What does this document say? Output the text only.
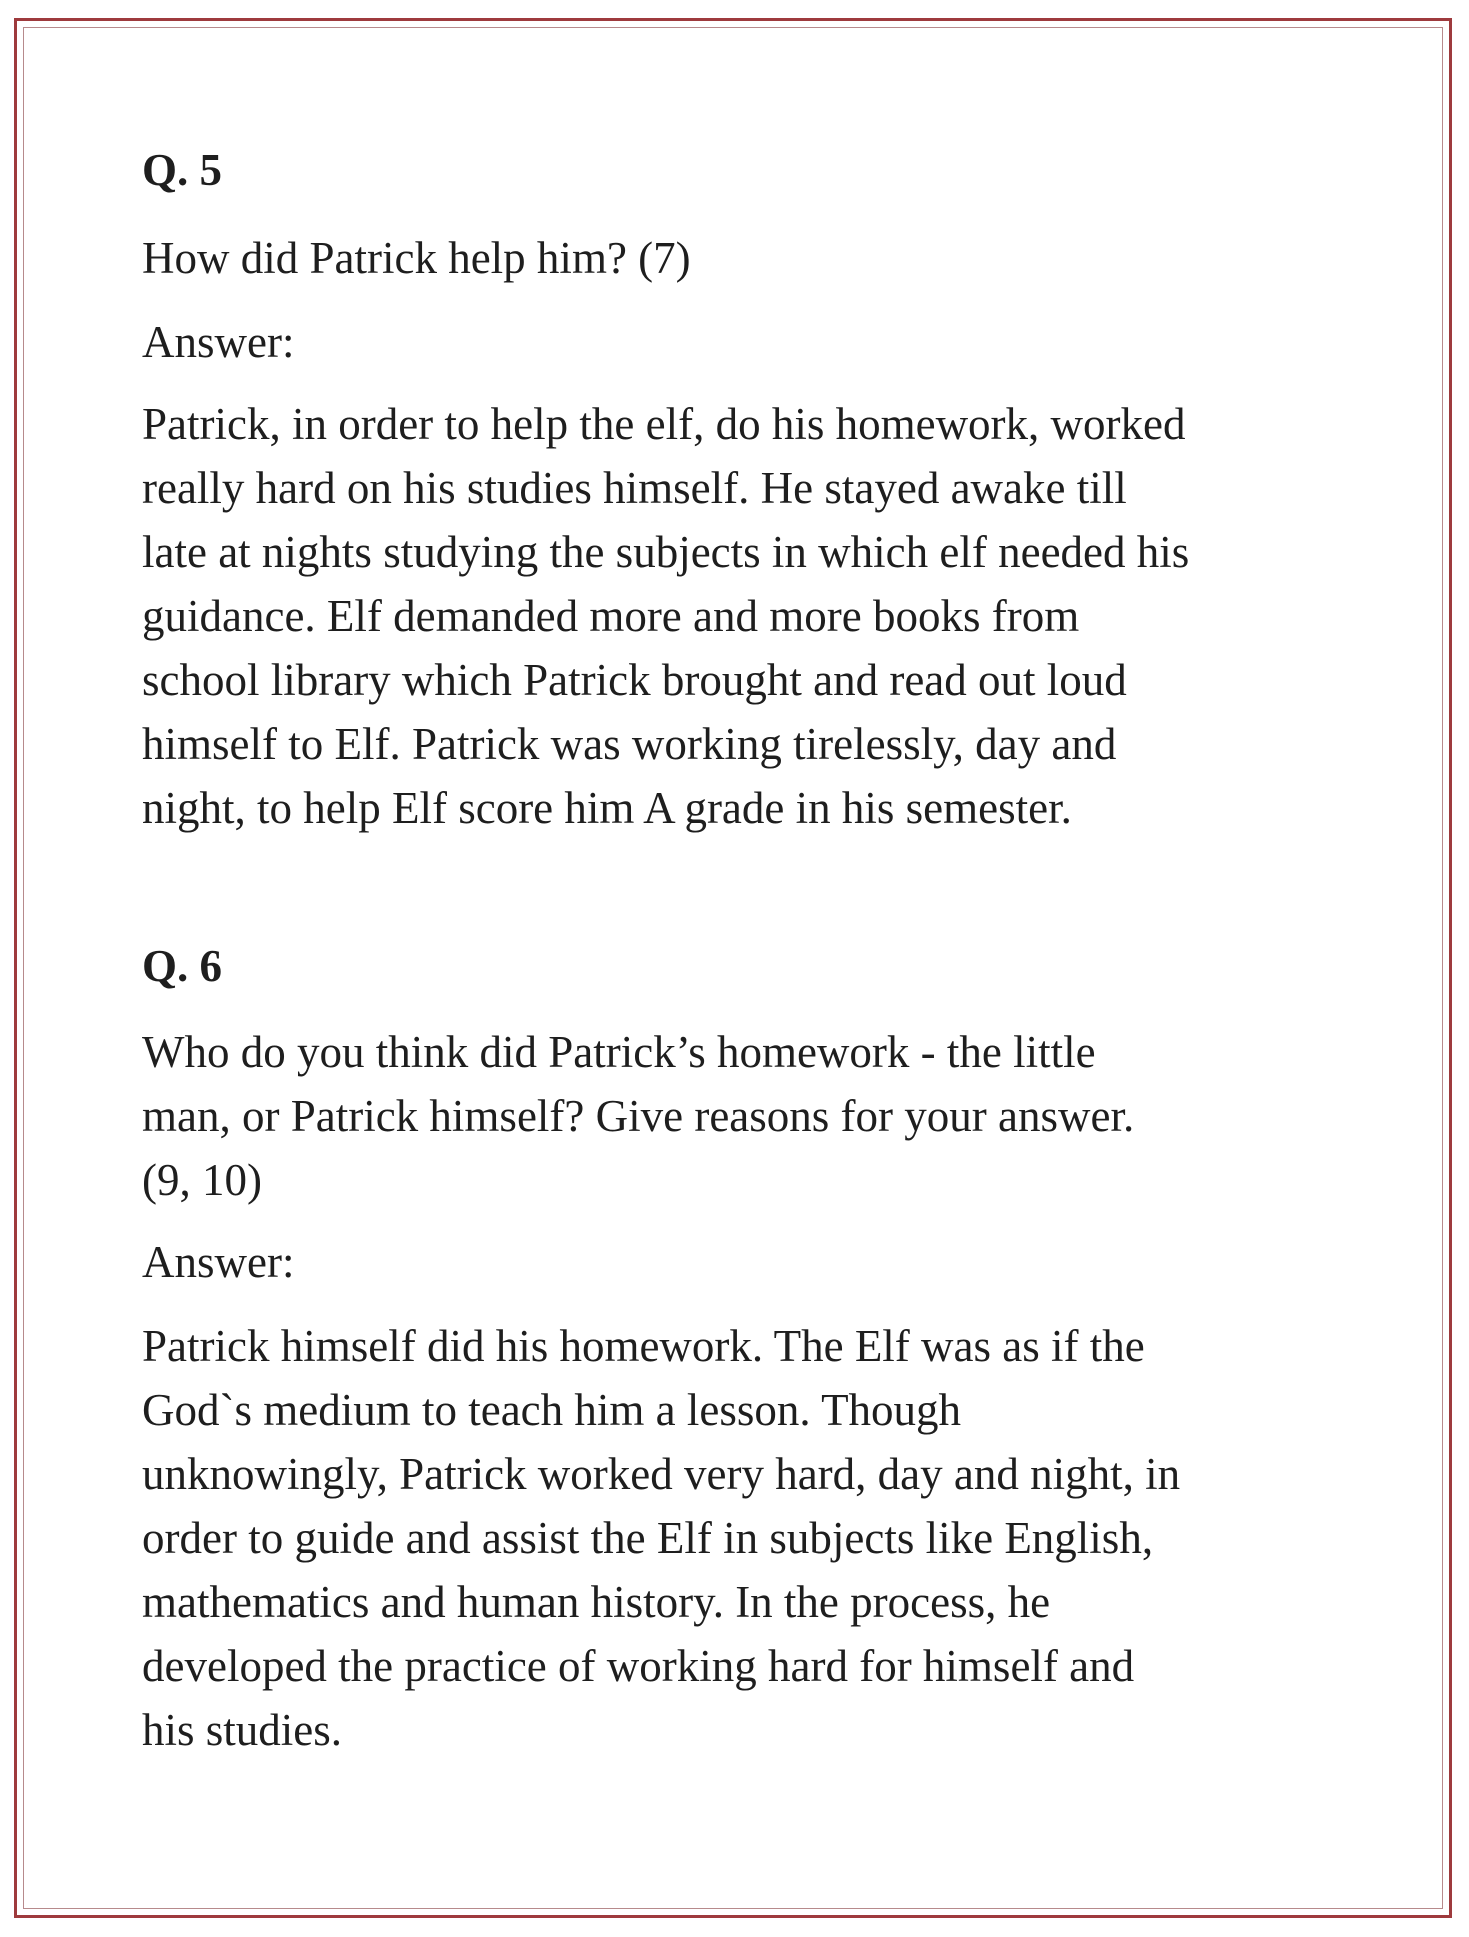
Q. 5

How did Patrick help him? (7)

Answer:

Patrick, in order to help the elf, do his homework, worked
really hard on his studies himself. He stayed awake till
late at nights studying the subjects in which elf needed his
guidance. Elf demanded more and more books from
school library which Patrick brought and read out loud
himself to Elf. Patrick was working tirelessly, day and
night, to help Elf score him A grade in his semester.

Q. 6

Who do you think did Patrick’s homework - the little
man, or Patrick himself? Give reasons for your answer.
(9, 10)

Answer:

Patrick himself did his homework. The Elf was as if the
God`s medium to teach him a lesson. Though
unknowingly, Patrick worked very hard, day and night, in
order to guide and assist the Elf in subjects like English,
mathematics and human history. In the process, he
developed the practice of working hard for himself and
his studies.
